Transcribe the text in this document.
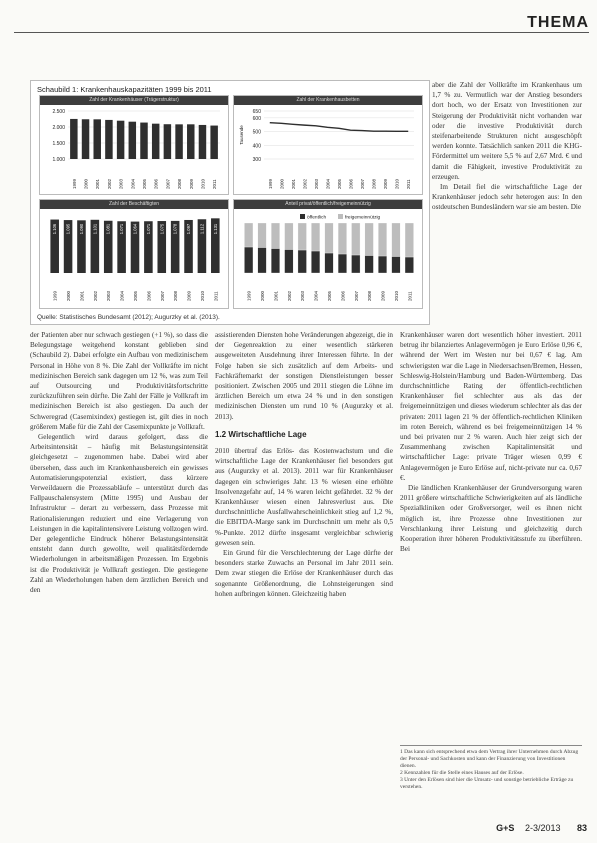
THEMA
Schaubild 1: Krankenhauskapazitäten 1999 bis 2011
Zahl der Krankenhäuser (Trägerstruktur)
1.000
1.500
2.000
2.500
1999 2000 2001 2002 2003 2004 2005 2006 2007 2008 2009 2010 2011
Zahl der Krankenhausbetten
300
400
500
600
650
Tausende
1999 2000 2001 2002 2003 2004 2005 2006 2007 2008 2009 2010 2011
Zahl der Beschäftigten
1.106 1.095 1.090 1.101 1.081 1.071 1.064 1.071 1.075 1.078 1.097 1.112 1.131
1999 2000 2001 2002 2003 2004 2005 2006 2007 2008 2009 2010 2011
Anteil privat/öffentlich/freigemeinnützig
öffentlich	freigemeinnützig
1999 2000 2001 2002 2003 2004 2005 2006 2007 2008 2009 2010 2011
Quelle: Statistisches Bundesamt (2012); Augurzky et al. (2013).

aber die Zahl der Vollkräfte im Krankenhaus um 1,7 % zu. Vermutlich war der Anstieg besonders dort hoch, wo der Ersatz von Investitionen zur Steigerung der Produktivität nicht vorhanden war oder die investive Produktivität durch steifenarbeitende Strukturen nicht ausgeschöpft werden konnte. Tatsächlich sanken 2011 die KHG-Fördermittel um weitere 5,5 % auf 2,67 Mrd. € und damit die Fähigkeit, investive Produktivität zu erzeugen.

Im Detail fiel die wirtschaftliche Lage der Krankenhäuser jedoch sehr heterogen aus: In den ostdeutschen Bundesländern war sie am besten. Die

der Patienten aber nur schwach gestiegen (+1 %), so dass die Belegungstage weitgehend konstant geblieben sind (Schaubild 2). Dabei erfolgte ein Aufbau von medizinischem Personal in Höhe von 8 %. Die Zahl der Vollkräfte im nicht medizinischen Bereich sank dagegen um 12 %, was zum Teil auf Outsourcing und Produktivitätsfortschritte zurückzuführen sein dürfte. Die Zahl der Fälle je Vollkraft im medizinischen Bereich ist also gestiegen. Da auch der Schweregrad (Casemixindex) gestiegen ist, gilt dies in noch größerem Maße für die Zahl der Casemixpunkte je Vollkraft.

Gelegentlich wird daraus gefolgert, dass die Arbeitsintensität – häufig mit Belastungsintensität gleichgesetzt – zugenommen habe. Dabei wird aber übersehen, dass auch im Krankenhausbereich ein gewisses Automatisierungspotenzial existiert, dass kürzere Verweildauern die Prozessabläufe – unterstützt durch das Fallpauschalensystem (Mitte 1995) und Ausbau der Infrastruktur – derart zu verbessern, dass Prozesse mit Rationalisierungen reduziert und eine Verlagerung von Leistungen in die kapitalintensivere Leistung vollzogen wird. Der gelegentliche Eindruck höherer Belastungsintensität entsteht dann durch gewollte, weil qualitätsfördernde Wiederholungen in arbeitsmäßigen Prozessen. Im Ergebnis ist die Produktivität je Vollkraft gestiegen. Die gestiegene Zahl an Wiederholungen haben dem ärztlichen Bereich und den

assistierenden Diensten hohe Veränderungen abgezeigt, die in der Gegenreaktion zu einer wesentlich stärkeren ausgeweiteten Ausdehnung ihrer Interessen führte. In der Folge haben sie sich zusätzlich auf dem Arbeits- und Fachkräftemarkt der sonstigen Dienstleistungen besser positioniert. Zwischen 2005 und 2011 stiegen die Löhne im ärztlichen Bereich um etwa 24 % und in den sonstigen medizinischen Diensten um rund 10 % (Augurzky et al. 2013).

1.2 Wirtschaftliche Lage

2010 übertraf das Erlös- das Kostenwachstum und die wirtschaftliche Lage der Krankenhäuser fiel besonders gut aus (Augurzky et al. 2013). 2011 war für Krankenhäuser dagegen ein schwieriges Jahr. 13 % wiesen eine erhöhte Insolvenzgefahr auf, 14 % waren leicht gefährdet. 32 % der Krankenhäuser wiesen einen Jahresverlust aus. Die durchschnittliche Ausfallwahrscheinlichkeit stieg auf 1,2 %, die EBITDA-Marge sank im Durchschnitt um mehr als 0,5 %-Punkte. 2012 dürfte insgesamt vergleichbar schwierig gewesen sein.

Ein Grund für die Verschlechterung der Lage dürfte der besonders starke Zuwachs an Personal im Jahr 2011 sein. Dem zwar stiegen die Erlöse der Krankenhäuser durch das sogenannte Größenordnung, die Lohnsteigerungen sind hohen aufbringen können. Gleichzeitig haben

Krankenhäuser waren dort wesentlich höher investiert. 2011 betrug ihr bilanziertes Anlagevermögen je Euro Erlöse 0,96 €, während der Wert im Westen nur bei 0,67 € lag. Am schwierigsten war die Lage in Niedersachsen/Bremen, Hessen, Schleswig-Holstein/Hamburg und Baden-Württemberg. Das durchschnittliche Rating der öffentlich-rechtlichen Krankenhäuser fiel schlechter aus als das der freigemeinnützigen und dieses wiederum schlechter als das der privaten: 2011 lagen 21 % der öffentlich-rechtlichen Kliniken im roten Bereich, während es bei freigemeinnützigen 14 % und bei privaten nur 2 % waren. Auch hier zeigt sich der Zusammenhang zwischen Kapitalintensität und wirtschaftlicher Lage: private Träger wiesen 0,99 € Anlagevermögen je Euro Erlöse auf, nicht-private nur ca. 0,67 €.

Die ländlichen Krankenhäuser der Grundversorgung waren 2011 größere wirtschaftliche Schwierigkeiten auf als ländliche Spezialkliniken oder Großversorger, weil es ihnen nicht möglich ist, ihre Prozesse ohne Investitionen zur Verschlankung ihrer Leistung und gleichzeitig durch Kooperation ihrer höheren Produktivitätsstufe zu überführen. Bei

1 Das kann sich entsprechend etwa dem Vertrag ihrer Unternehmen durch Abzug der Personal- und Sachkosten und kann der Finanzierung von Investitionen dienen.
2 Kennzahlen für die Stelle eines Hauses auf der Erlöse.
3 Unter den Erlösen sind hier die Umsatz- und sonstige betriebliche Erträge zu verstehen.
G+S 2-3/2013 83
